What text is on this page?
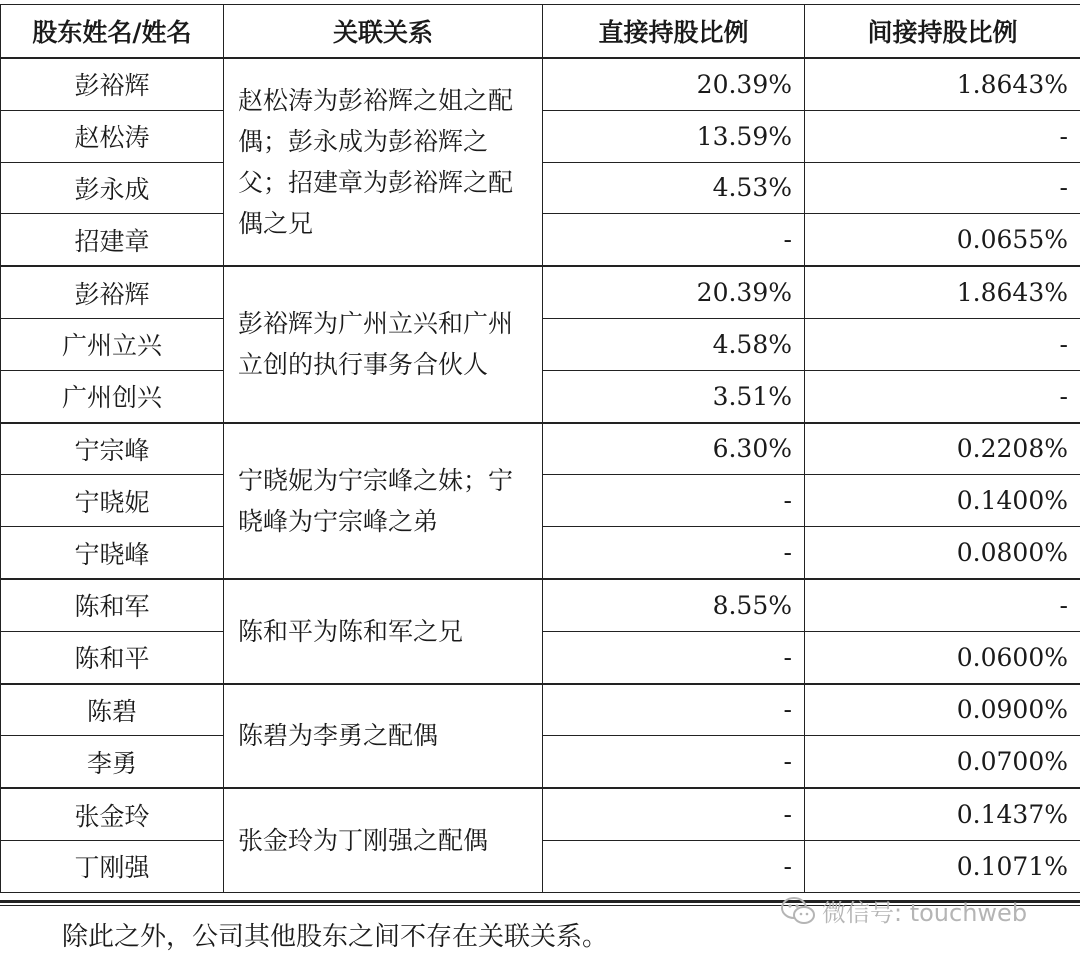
股东姓名/姓名	关联关系	直接持股比例	间接持股比例
彭裕辉	赵松涛为彭裕辉之姐之配偶；彭永成为彭裕辉之父；招建章为彭裕辉之配偶之兄	20.39%	1.8643%
赵松涛		13.59%	-
彭永成		4.53%	-
招建章		-	0.0655%
彭裕辉	彭裕辉为广州立兴和广州立创的执行事务合伙人	20.39%	1.8643%
广州立兴		4.58%	-
广州创兴		3.51%	-
宁宗峰	宁晓妮为宁宗峰之妹；宁晓峰为宁宗峰之弟	6.30%	0.2208%
宁晓妮		-	0.1400%
宁晓峰		-	0.0800%
陈和军	陈和平为陈和军之兄	8.55%	-
陈和平		-	0.0600%
陈碧	陈碧为李勇之配偶	-	0.0900%
李勇		-	0.0700%
张金玲	张金玲为丁刚强之配偶	-	0.1437%
丁刚强		-	0.1071%
除此之外，公司其他股东之间不存在关联关系。
微信号: touchweb
